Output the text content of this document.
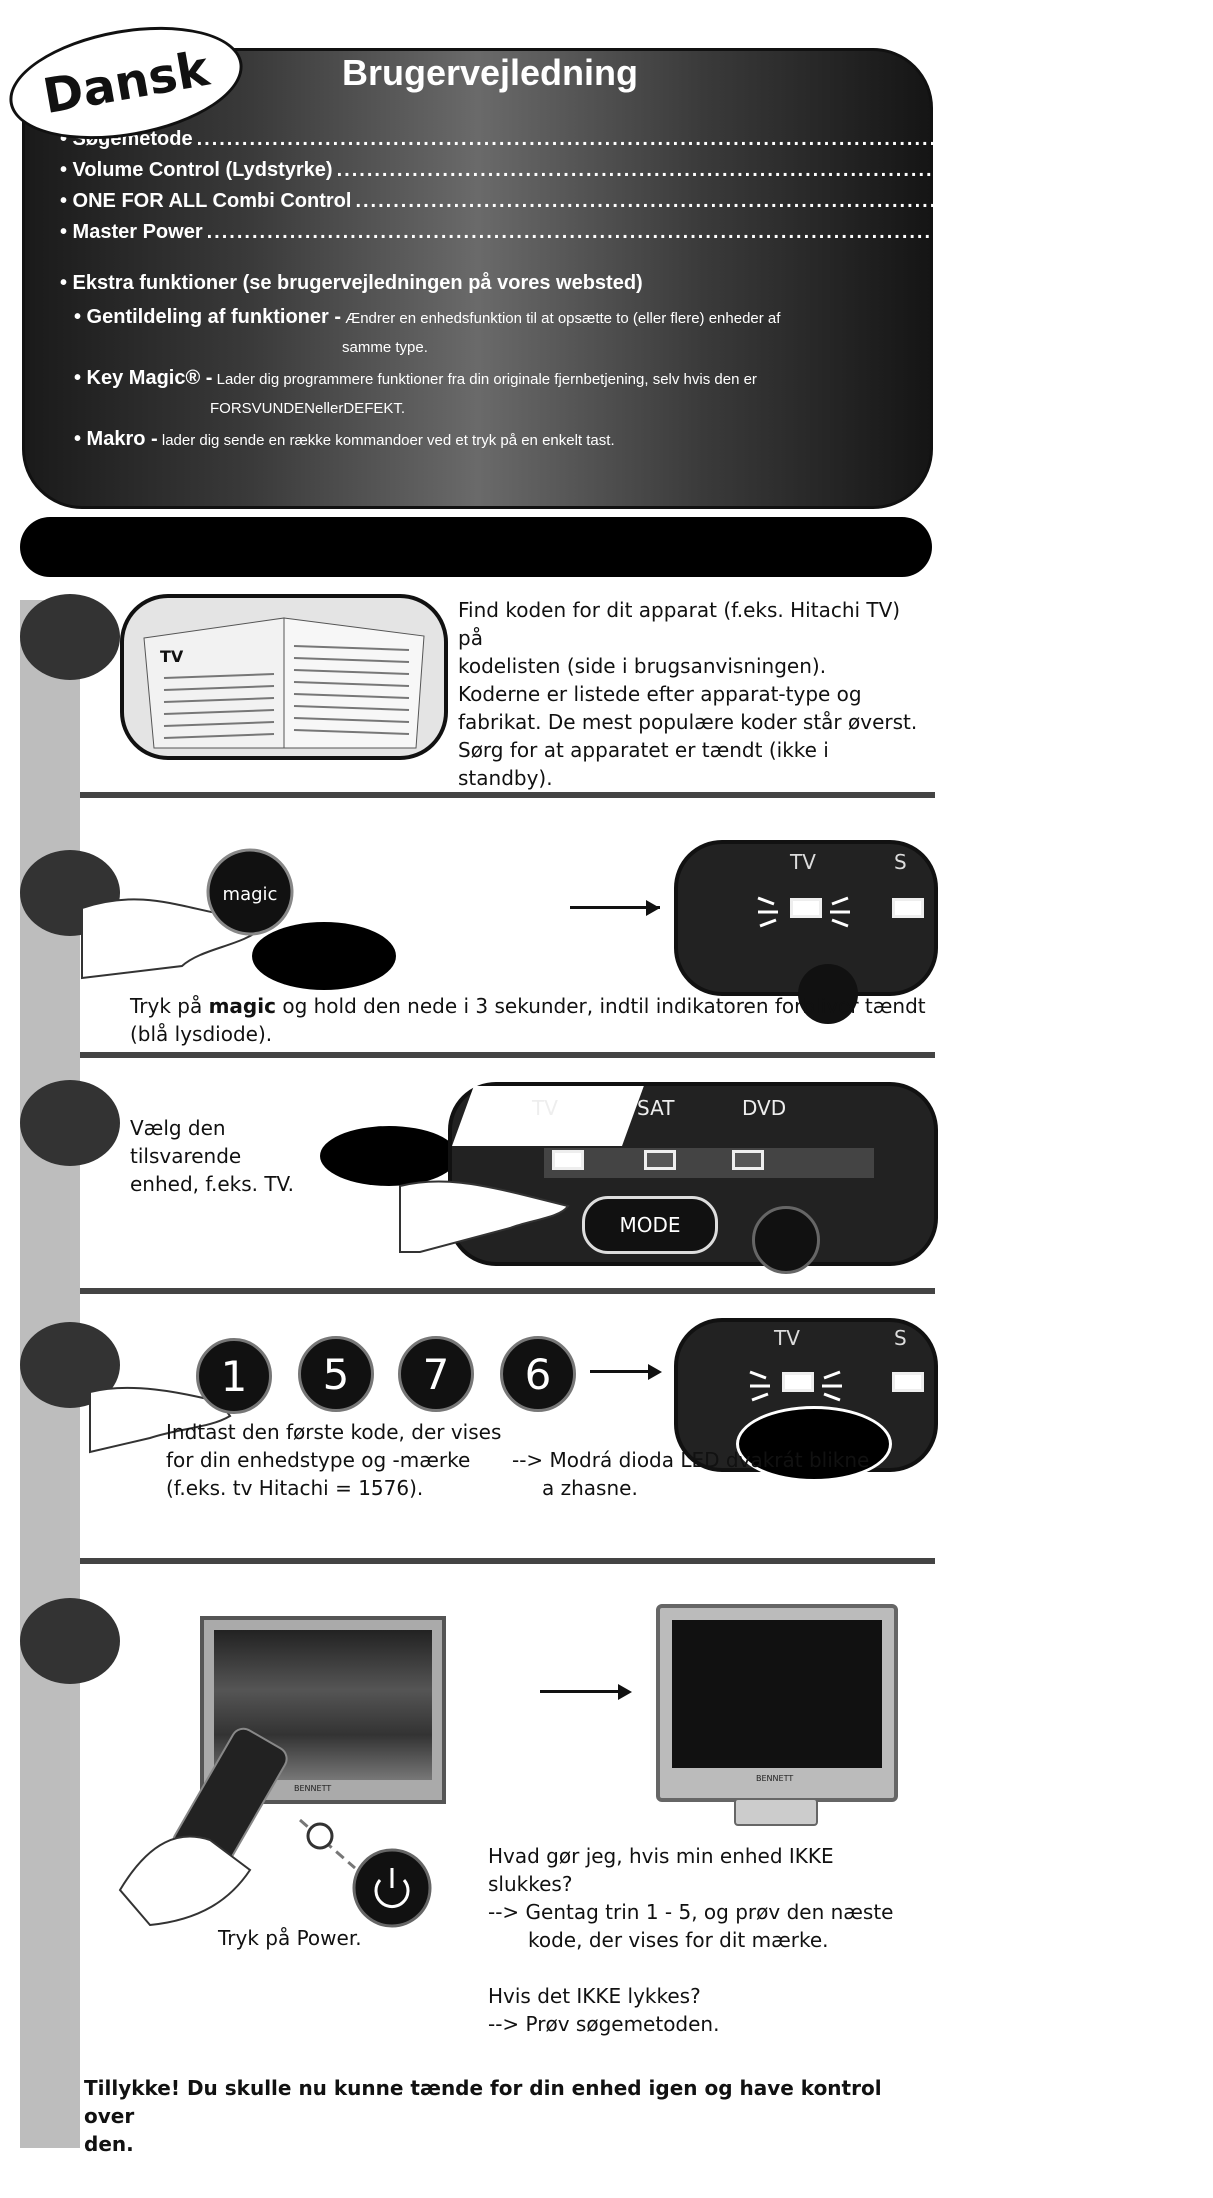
Dansk	Brugervejledning
• Søgemetode .............................................................................................................. 39
• Volume Control (Lydstyrke) .............................................................................................................. 39
• ONE FOR ALL Combi Control .............................................................................................................. 40
• Master Power .............................................................................................................. 40
• Ekstra funktioner (se brugervejledningen på vores websted)
• Gentildeling af funktioner - Ændrer en enhedsfunktion til at opsætte to (eller flere) enheder af
samme type.
• Key Magic® - Lader dig programmere funktioner fra din originale fjernbetjening, selv hvis den er
FORSVUNDENellerDEFEKT.
• Makro - lader dig sende en række kommandoer ved et tryk på en enkelt tast.
TV
Find koden for dit apparat (f.eks. Hitachi TV) på
kodelisten (side i brugsanvisningen).
Koderne er listede efter apparat-type og
fabrikat. De mest populære koder står øverst.
Sørg for at apparatet er tændt (ikke i standby).
magic
TV	S
Tryk på magic og hold den nede i 3 sekunder, indtil indikatoren forbliver tændt
(blå lysdiode).
Vælg den
tilsvarende
enhed, f.eks. TV.
TV	SAT	DVD
MODE
1	5	7	6
TV	S
Indtast den første kode, der vises
for din enhedstype og -mærke
(f.eks. tv Hitachi = 1576).
--> Modrá dioda LED dvakrát blikne
a zhasne.
BENNETT
Tryk på Power.
BENNETT
Hvad gør jeg, hvis min enhed IKKE
slukkes?
--> Gentag trin 1 - 5, og prøv den næste
kode, der vises for dit mærke.
Hvis det IKKE lykkes?
--> Prøv søgemetoden.
Tillykke! Du skulle nu kunne tænde for din enhed igen og have kontrol over
den.
